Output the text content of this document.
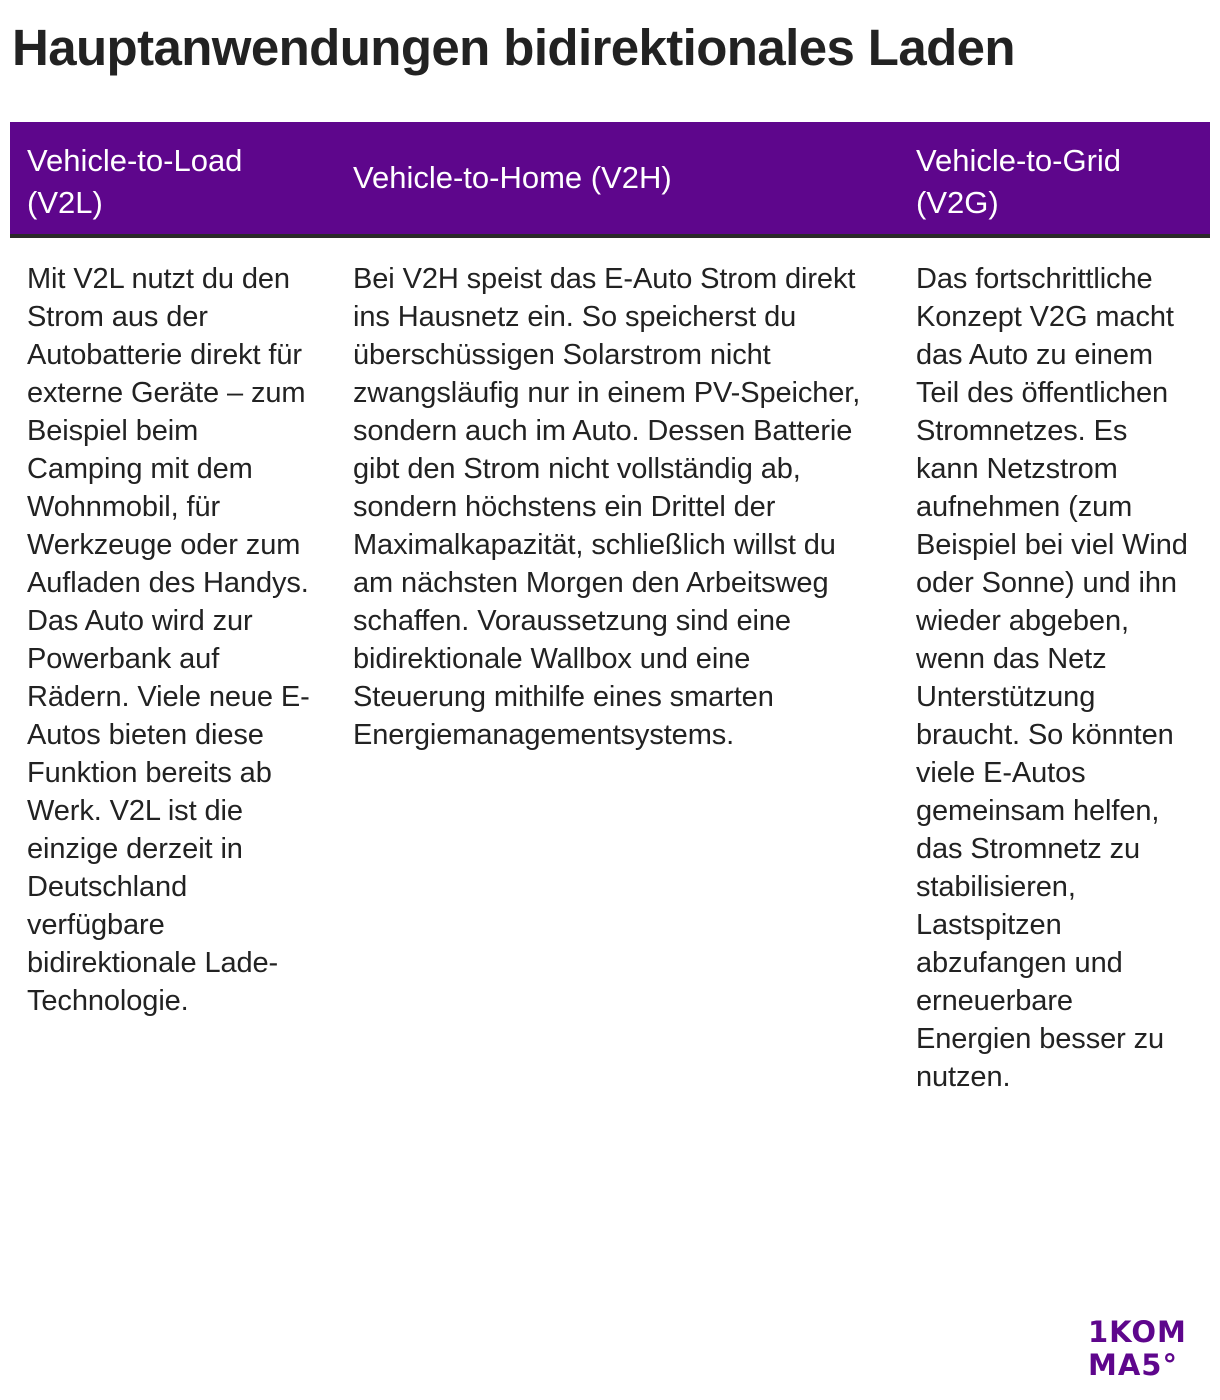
Hauptanwendungen bidirektionales Laden
Vehicle-to-Load (V2L)
Vehicle-to-Home (V2H)	Vehicle-to-Grid (V2G)
Mit V2L nutzt du den Strom aus der Autobatterie direkt für externe Geräte – zum Beispiel beim Camping mit dem Wohnmobil, für Werkzeuge oder zum Aufladen des Handys. Das Auto wird zur Powerbank auf Rädern. Viele neue E-Autos bieten diese Funktion bereits ab Werk. V2L ist die einzige derzeit in Deutschland verfügbare bidirektionale Lade-Technologie.
Bei V2H speist das E-Auto Strom direkt ins Hausnetz ein. So speicherst du überschüssigen Solarstrom nicht zwangsläufig nur in einem PV-Speicher, sondern auch im Auto. Dessen Batterie gibt den Strom nicht vollständig ab, sondern höchstens ein Drittel der Maximalkapazität, schließlich willst du am nächsten Morgen den Arbeitsweg schaffen. Voraussetzung sind eine bidirektionale Wallbox und eine Steuerung mithilfe eines smarten Energiemanagementsystems.
Das fortschrittliche Konzept V2G macht das Auto zu einem Teil des öffentlichen Stromnetzes. Es kann Netzstrom aufnehmen (zum Beispiel bei viel Wind oder Sonne) und ihn wieder abgeben, wenn das Netz Unterstützung braucht. So könnten viele E-Autos gemeinsam helfen, das Stromnetz zu stabilisieren, Lastspitzen abzufangen und erneuerbare Energien besser zu nutzen.
1KOM
MA5°
